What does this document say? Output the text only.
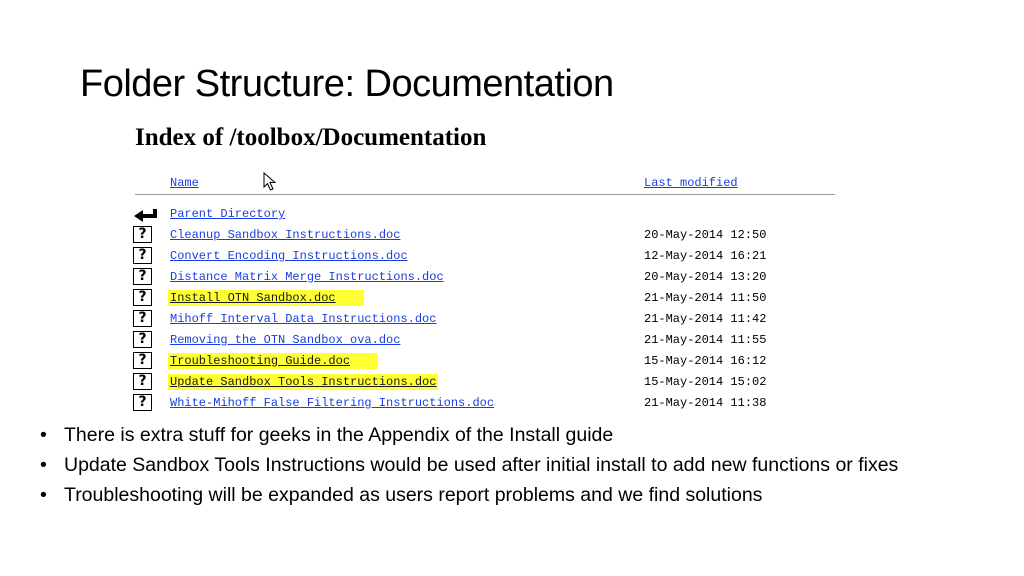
Folder Structure: Documentation
Index of /toolbox/Documentation
Name	Last modified
Parent Directory
?	Cleanup Sandbox Instructions.doc	20-May-2014 12:50
?	Convert Encoding Instructions.doc	12-May-2014 16:21
?	Distance Matrix Merge Instructions.doc	20-May-2014 13:20
?	Install OTN Sandbox.doc	21-May-2014 11:50
?	Mihoff Interval Data Instructions.doc	21-May-2014 11:42
?	Removing the OTN Sandbox ova.doc	21-May-2014 11:55
?	Troubleshooting Guide.doc	15-May-2014 16:12
?	Update Sandbox Tools Instructions.doc	15-May-2014 15:02
?	White-Mihoff False Filtering Instructions.doc	21-May-2014 11:38
• There is extra stuff for geeks in the Appendix of the Install guide
• Update Sandbox Tools Instructions would be used after initial install to add new functions or fixes
• Troubleshooting will be expanded as users report problems and we find solutions
